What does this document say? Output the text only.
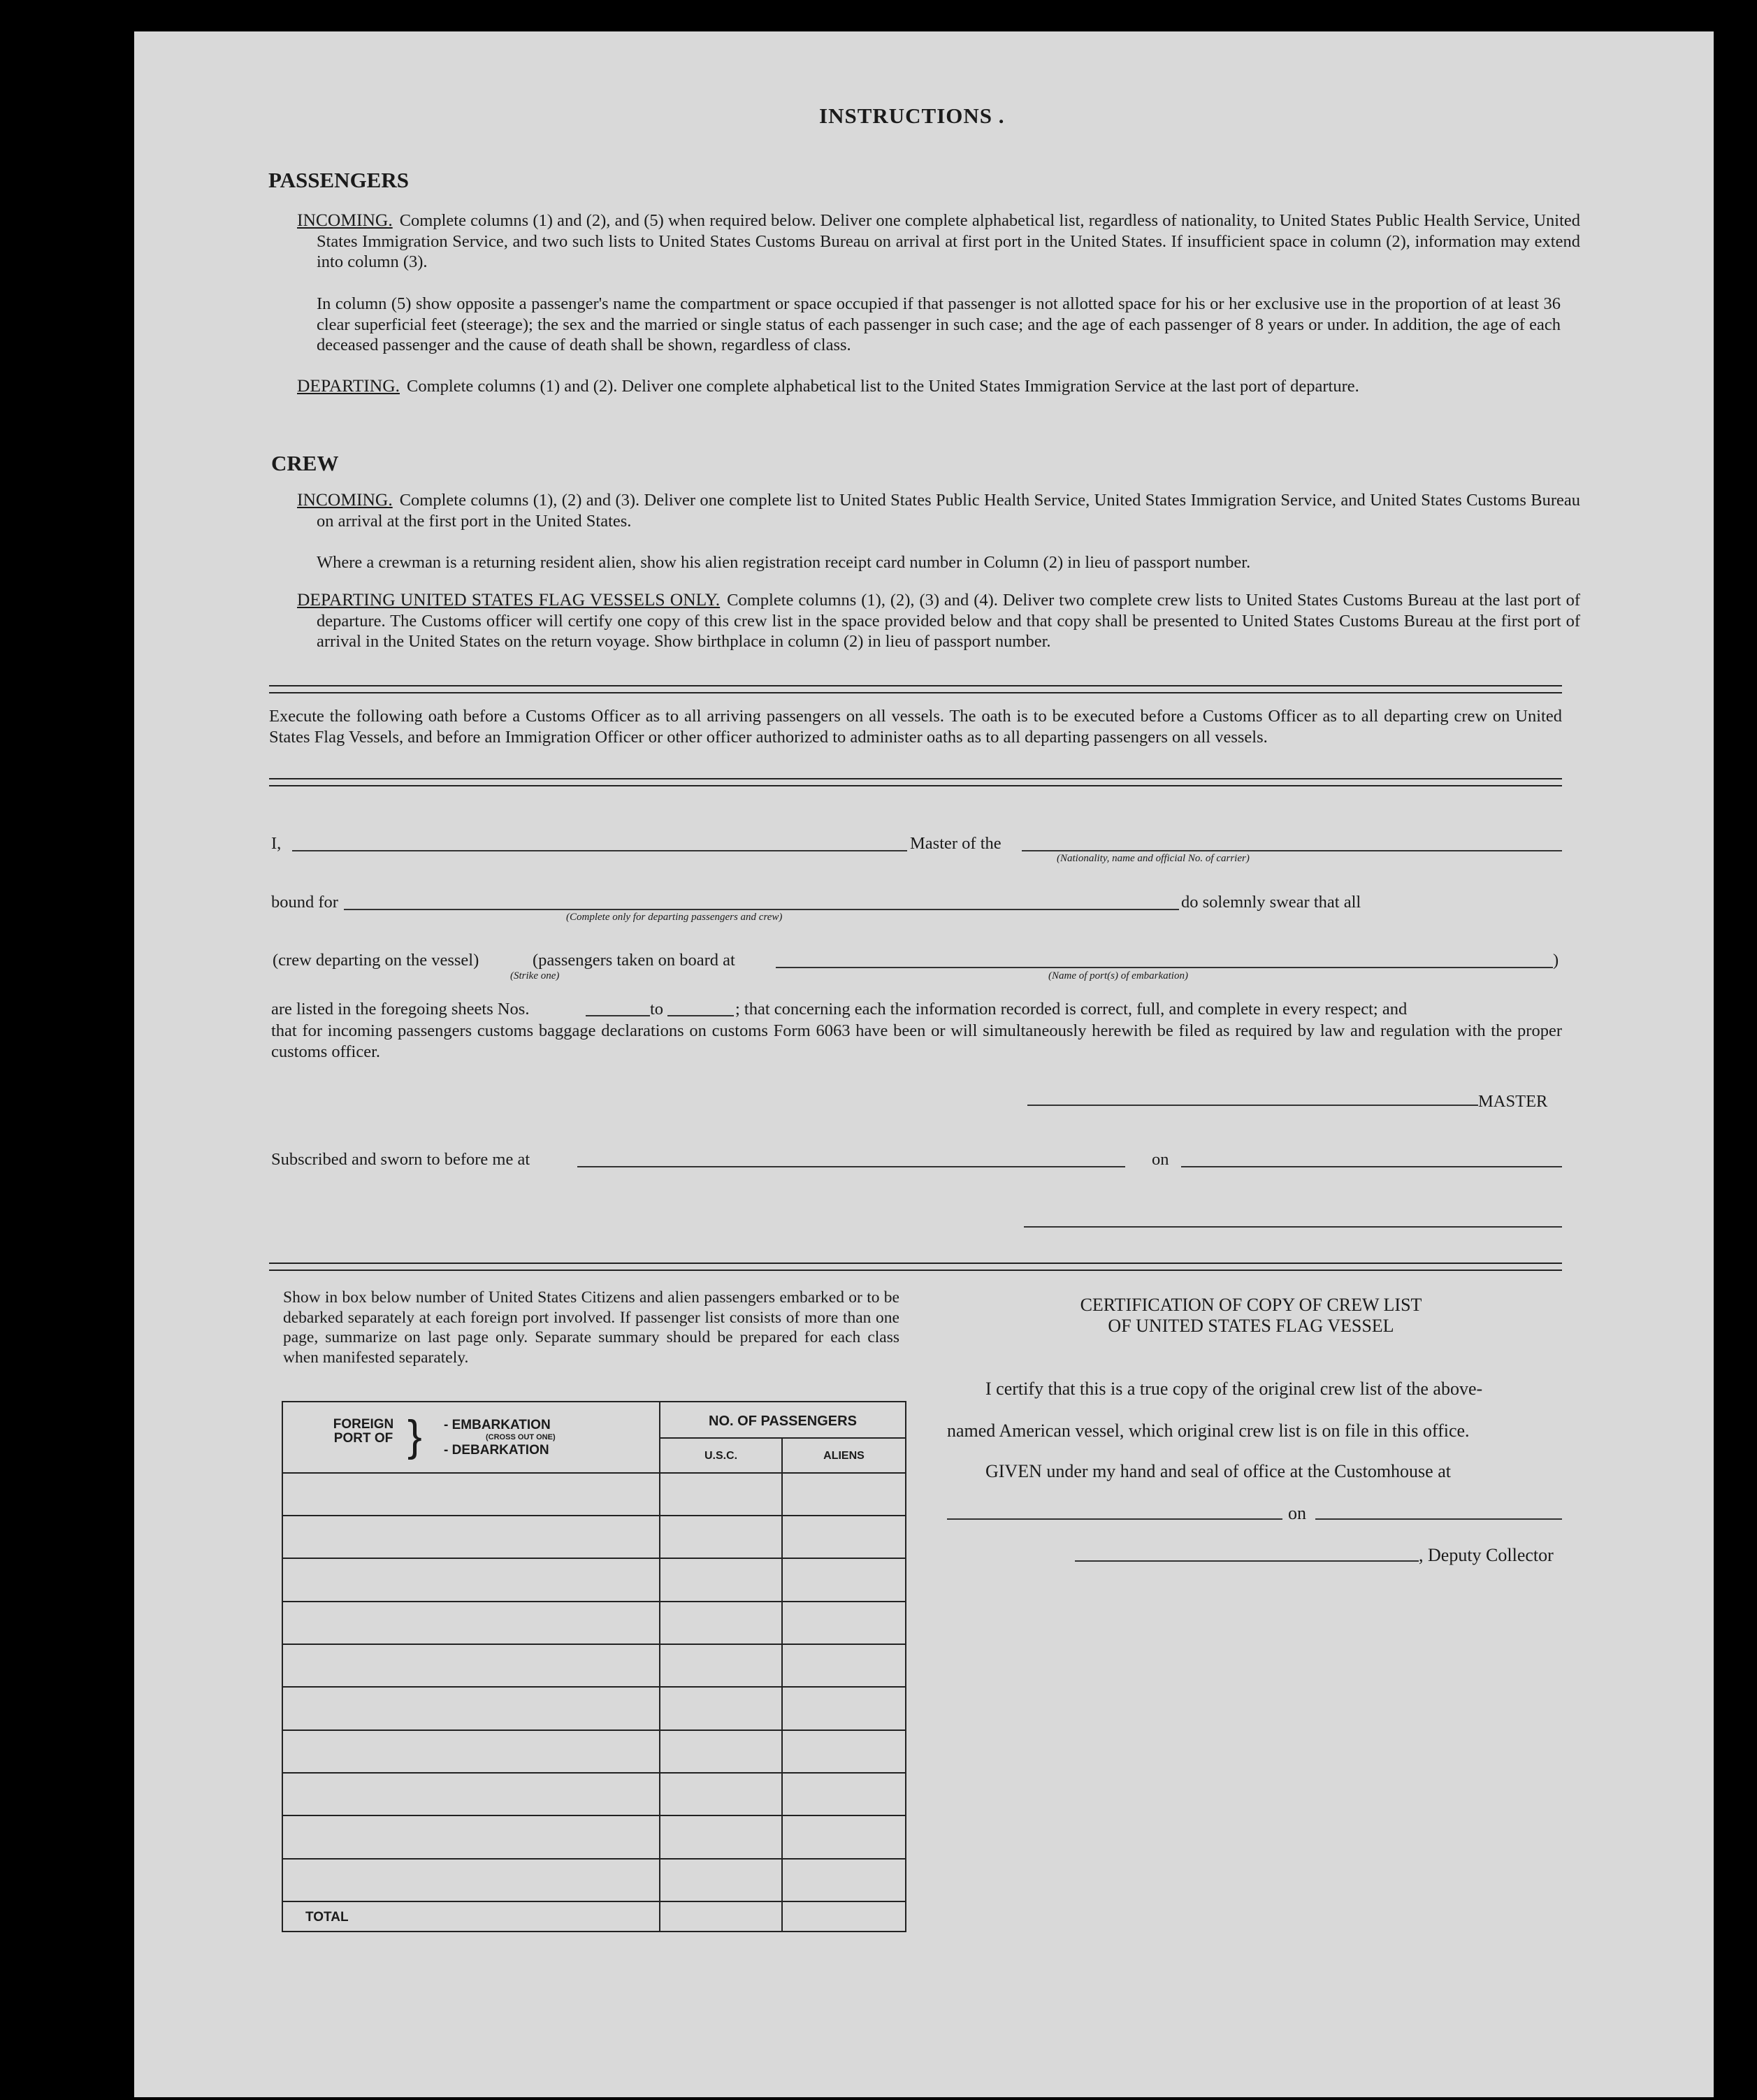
INSTRUCTIONS .
PASSENGERS
INCOMING. Complete columns (1) and (2), and (5) when required below. Deliver one complete alphabetical list, regardless of nationality, to United States Public Health Service, United States Immigration Service, and two such lists to United States Customs Bureau on arrival at first port in the United States. If insufficient space in column (2), information may extend into column (3).
In column (5) show opposite a passenger's name the compartment or space occupied if that passenger is not allotted space for his or her exclusive use in the proportion of at least 36 clear superficial feet (steerage); the sex and the married or single status of each passenger in such case; and the age of each passenger of 8 years or under. In addition, the age of each deceased passenger and the cause of death shall be shown, regardless of class.
DEPARTING. Complete columns (1) and (2). Deliver one complete alphabetical list to the United States Immigration Service at the last port of departure.
CREW
INCOMING. Complete columns (1), (2) and (3). Deliver one complete list to United States Public Health Service, United States Immigration Service, and United States Customs Bureau on arrival at the first port in the United States.
Where a crewman is a returning resident alien, show his alien registration receipt card number in Column (2) in lieu of passport number.
DEPARTING UNITED STATES FLAG VESSELS ONLY. Complete columns (1), (2), (3) and (4). Deliver two complete crew lists to United States Customs Bureau at the last port of departure. The Customs officer will certify one copy of this crew list in the space provided below and that copy shall be presented to United States Customs Bureau at the first port of arrival in the United States on the return voyage. Show birthplace in column (2) in lieu of passport number.
Execute the following oath before a Customs Officer as to all arriving passengers on all vessels. The oath is to be executed before a Customs Officer as to all departing crew on United States Flag Vessels, and before an Immigration Officer or other officer authorized to administer oaths as to all departing passengers on all vessels.
I,	Master of the
(Nationality, name and official No. of carrier)
bound for
(Complete only for departing passengers and crew)
do solemnly swear that all
(crew departing on the vessel)
(Strike one)
(passengers taken on board at	)
(Name of port(s) of embarkation)
are listed in the foregoing sheets Nos.	to	; that concerning each the information recorded is correct, full, and complete in every respect; and
that for incoming passengers customs baggage declarations on customs Form 6063 have been or will simultaneously herewith be filed as required by law and regulation with the proper customs officer.
MASTER
Subscribed and sworn to before me at	on
Show in box below number of United States Citizens and alien passengers embarked or to be debarked separately at each foreign port involved. If passenger list consists of more than one page, summarize on last page only. Separate summary should be prepared for each class when manifested separately.
FOREIGN PORT OF } - EMBARKATION
(CROSS OUT ONE)
- DEBARKATION
NO. OF PASSENGERS
U.S.C.	ALIENS
TOTAL
CERTIFICATION OF COPY OF CREW LIST
OF UNITED STATES FLAG VESSEL
I certify that this is a true copy of the original crew list of the above-
named American vessel, which original crew list is on file in this office.
GIVEN under my hand and seal of office at the Customhouse at
on
, Deputy Collector
